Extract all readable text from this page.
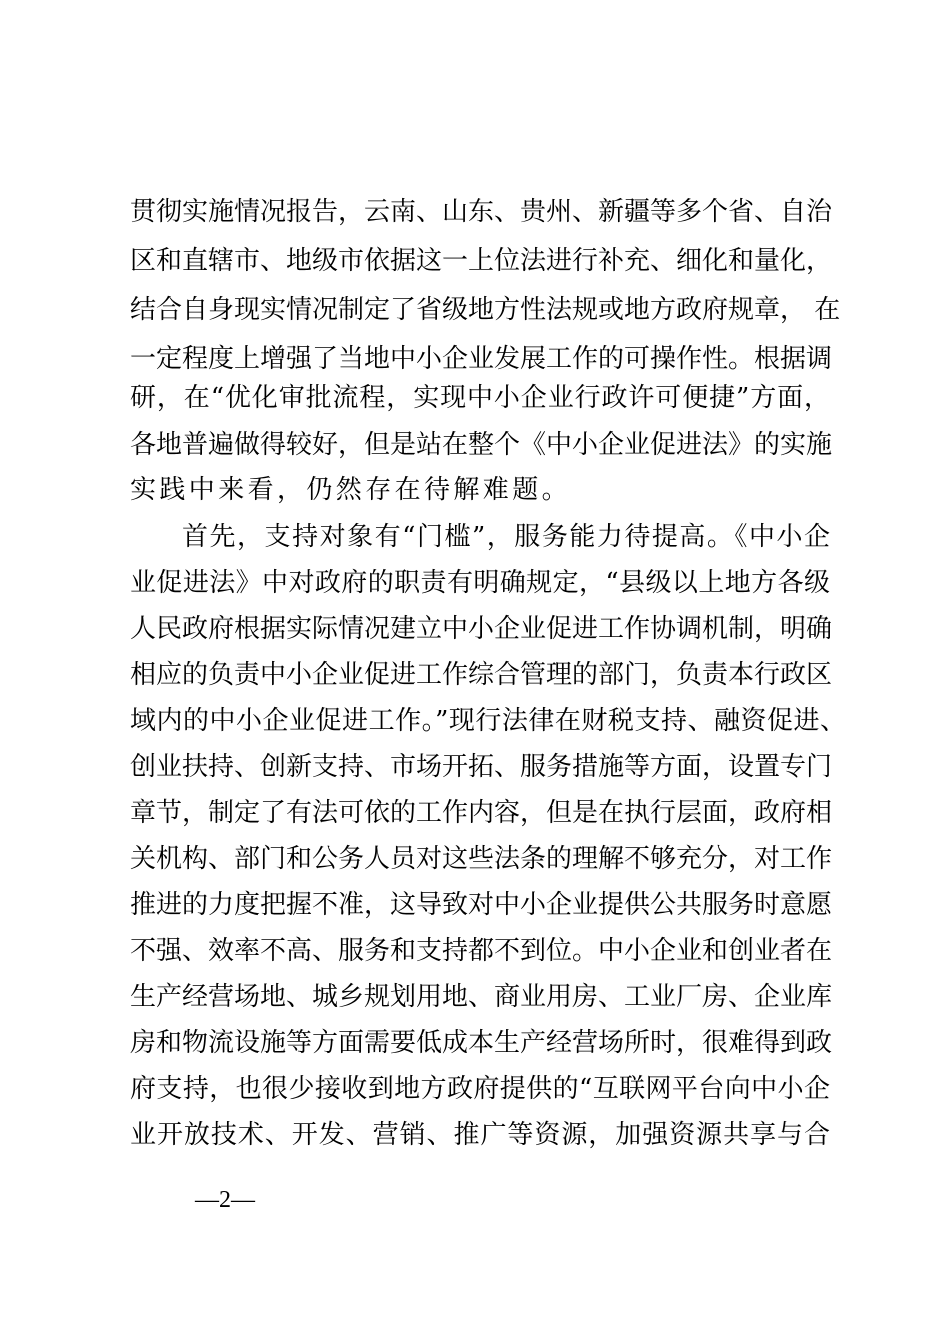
贯彻实施情况报告，云南、山东、贵州、新疆等多个省、自治
区和直辖市、地级市依据这一上位法进行补充、细化和量化，
结合自身现实情况制定了省级地方性法规或地方政府规章， 在
一定程度上增强了当地中小企业发展工作的可操作性。根据调
研，在“优化审批流程，实现中小企业行政许可便捷”方面，
各地普遍做得较好，但是站在整个《中小企业促进法》的实施
实践中来看，仍然存在待解难题。
首先，支持对象有“门槛”，服务能力待提高。《中小企
业促进法》中对政府的职责有明确规定，“县级以上地方各级
人民政府根据实际情况建立中小企业促进工作协调机制，明确
相应的负责中小企业促进工作综合管理的部门，负责本行政区
域内的中小企业促进工作。”现行法律在财税支持、融资促进、
创业扶持、创新支持、市场开拓、服务措施等方面，设置专门
章节，制定了有法可依的工作内容，但是在执行层面，政府相
关机构、部门和公务人员对这些法条的理解不够充分，对工作
推进的力度把握不准，这导致对中小企业提供公共服务时意愿
不强、效率不高、服务和支持都不到位。中小企业和创业者在
生产经营场地、城乡规划用地、商业用房、工业厂房、企业库
房和物流设施等方面需要低成本生产经营场所时，很难得到政
府支持，也很少接收到地方政府提供的“互联网平台向中小企
业开放技术、开发、营销、推广等资源，加强资源共享与合
—2—
